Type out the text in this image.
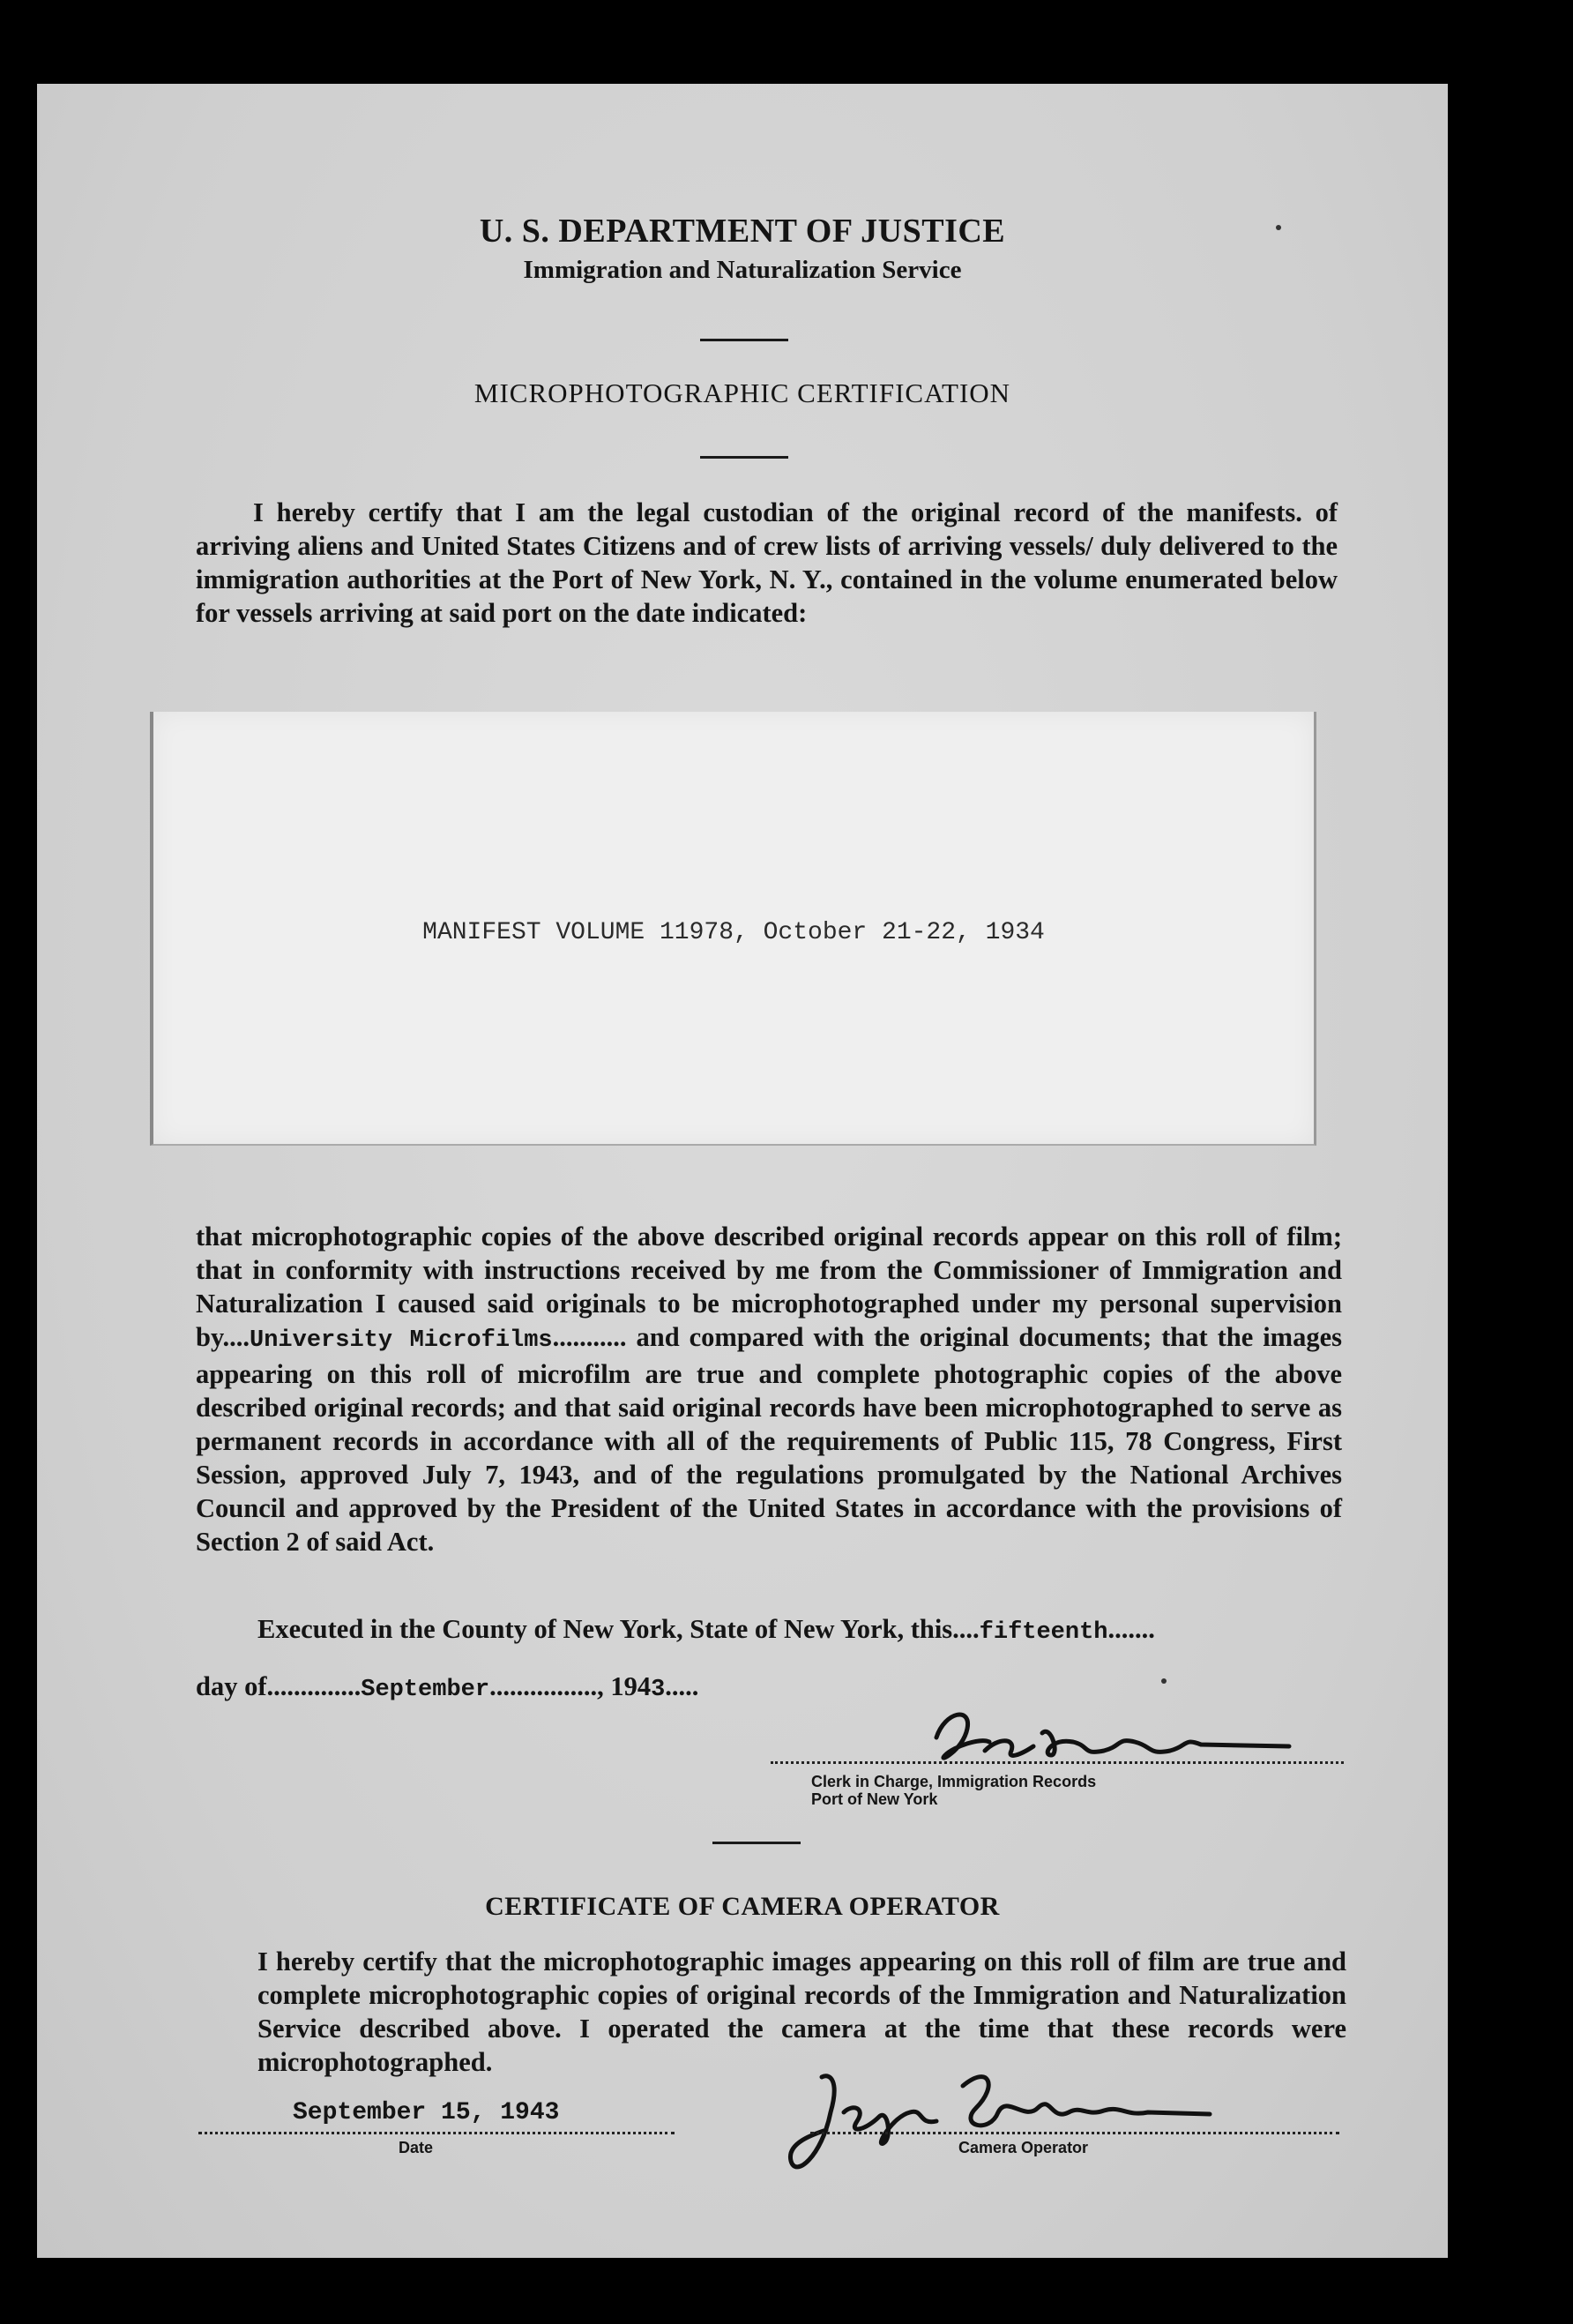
U. S. DEPARTMENT OF JUSTICE
Immigration and Naturalization Service
MICROPHOTOGRAPHIC CERTIFICATION
I hereby certify that I am the legal custodian of the original record of the manifests. of arriving aliens and United States Citizens and of crew lists of arriving vessels/ duly delivered to the immigration authorities at the Port of New York, N. Y., contained in the volume enumerated below for vessels arriving at said port on the date indicated:
MANIFEST VOLUME 11978, October 21-22, 1934
that microphotographic copies of the above described original records appear on this roll of film; that in conformity with instructions received by me from the Commissioner of Immigration and Naturalization I caused said originals to be microphotographed under my personal supervision by....University Microfilms........... and compared with the original documents; that the images appearing on this roll of microfilm are true and complete photographic copies of the above described original records; and that said original records have been microphotographed to serve as permanent records in accordance with all of the requirements of Public 115, 78 Congress, First Session, approved July 7, 1943, and of the regulations promulgated by the National Archives Council and approved by the President of the United States in accordance with the provisions of Section 2 of said Act.
Executed in the County of New York, State of New York, this....fifteenth.......
day of..............September................, 1943.....
Clerk in Charge, Immigration Records
Port of New York
CERTIFICATE OF CAMERA OPERATOR
I hereby certify that the microphotographic images appearing on this roll of film are true and complete microphotographic copies of original records of the Immigration and Naturalization Service described above. I operated the camera at the time that these records were microphotographed.
September 15, 1943
Date	Camera Operator
